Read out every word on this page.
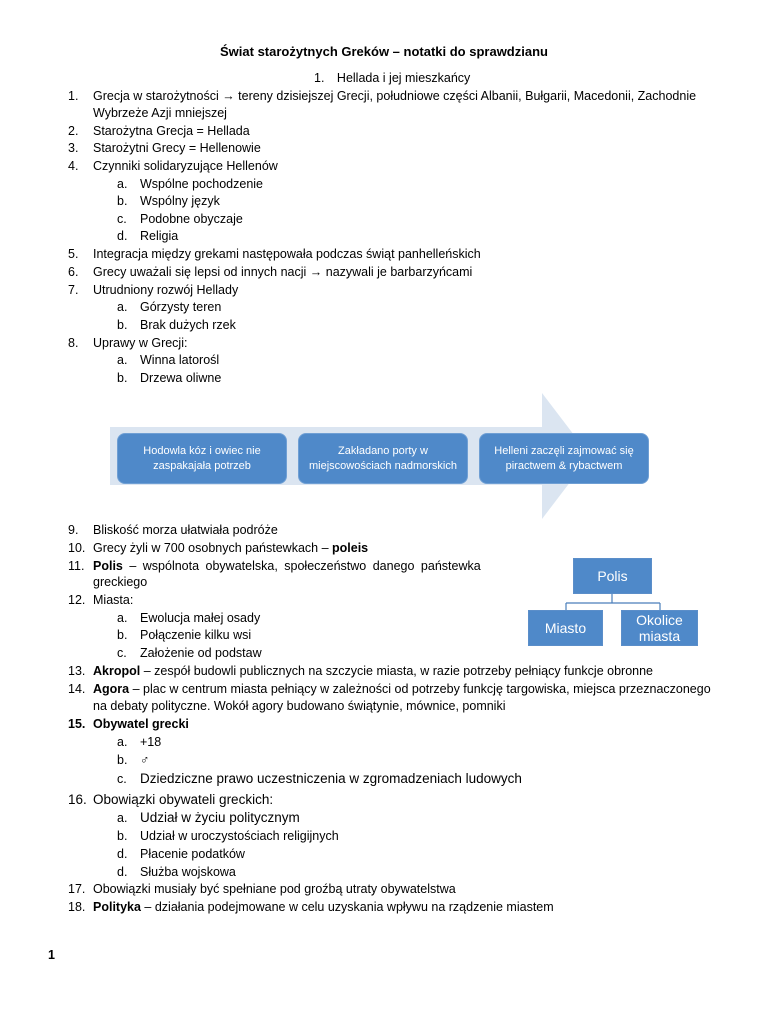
Świat starożytnych Greków – notatki do sprawdzianu
1. Hellada i jej mieszkańcy
1.	Grecja w starożytności → tereny dzisiejszej Grecji, południowe części Albanii, Bułgarii, Macedonii, Zachodnie
Wybrzeże Azji mniejszej
2.	Starożytna Grecja = Hellada
3.	Starożytni Grecy = Hellenowie
4.	Czynniki solidaryzujące Hellenów
a. Wspólne pochodzenie
b. Wspólny język
c. Podobne obyczaje
d. Religia
5.	Integracja między grekami następowała podczas świąt panhelleńskich
6.	Grecy uważali się lepsi od innych nacji → nazywali je barbarzyńcami
7.	Utrudniony rozwój Hellady
a. Górzysty teren
b. Brak dużych rzek
8.	Uprawy w Grecji:
a. Winna latorośl
b. Drzewa oliwne
Hodowla kóz i owiec nie zaspakajała potrzeb
Zakładano porty w miejscowościach nadmorskich
Helleni zaczęli zajmować się piractwem & rybactwem
9.	Bliskość morza ułatwiała podróże
10. Grecy żyli w 700 osobnych państewkach – poleis
11. Polis – wspólnota obywatelska, społeczeństwo danego państewka
greckiego
12. Miasta:
a. Ewolucja małej osady
b. Połączenie kilku wsi
c. Założenie od podstaw
Polis
Miasto	Okolice miasta
13. Akropol – zespół budowli publicznych na szczycie miasta, w razie potrzeby pełniący funkcje obronne
14. Agora – plac w centrum miasta pełniący w zależności od potrzeby funkcję targowiska, miejsca przeznaczonego
na debaty polityczne. Wokół agory budowano świątynie, mównice, pomniki
15. Obywatel grecki
a. +18
b. ♂
c. Dziedziczne prawo uczestniczenia w zgromadzeniach ludowych
16. Obowiązki obywateli greckich:
a. Udział w życiu politycznym
b. Udział w uroczystościach religijnych
d. Płacenie podatków
d. Służba wojskowa
17. Obowiązki musiały być spełniane pod groźbą utraty obywatelstwa
18. Polityka – działania podejmowane w celu uzyskania wpływu na rządzenie miastem
1
